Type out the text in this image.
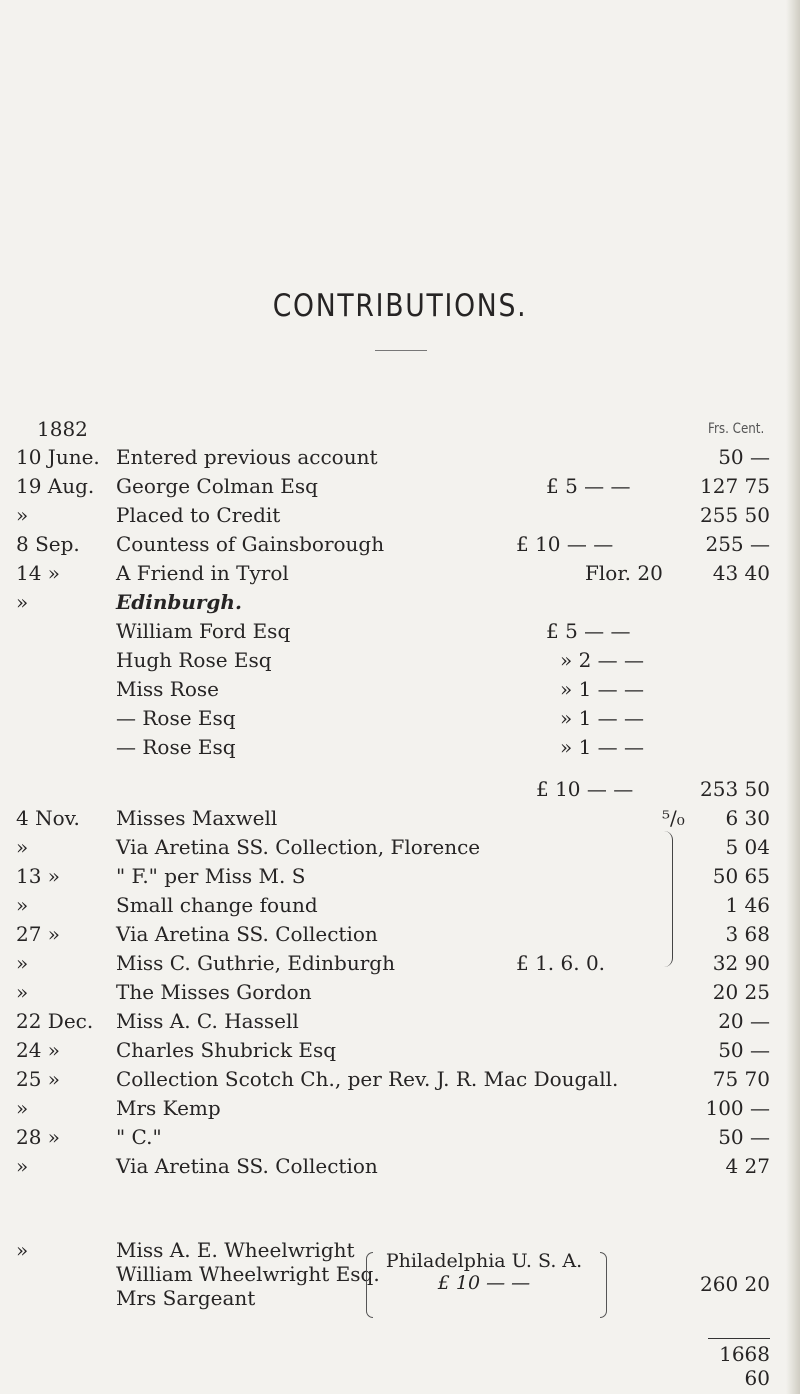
CONTRIBUTIONS.
1882	Frs. Cent.
10 June. Entered previous account	50 —
19 Aug. George Colman Esq	£ 5 — —	127 75
»	Placed to Credit	255 50
8 Sep.	Countess of Gainsborough	£ 10 — —	255 —
14 »	A Friend in Tyrol	Flor. 20	43 40
»	Edinburgh.
William Ford Esq	£ 5 — —
Hugh Rose Esq	» 2 — —
Miss Rose	» 1 — —
— Rose Esq	» 1 — —
— Rose Esq	» 1 — —
£ 10 — —	253 50
4 Nov.	Misses Maxwell	⁵/₀	6 30
»	Via Aretina SS. Collection, Florence	5 04
13 »	" F." per Miss M. S	50 65
»	Small change found	1 46
27 »	Via Aretina SS. Collection	3 68
»	Miss C. Guthrie, Edinburgh	£ 1. 6. 0.	32 90
»	The Misses Gordon	20 25
22 Dec. Miss A. C. Hassell	20 —
24 »	Charles Shubrick Esq	50 —
25 »	Collection Scotch Ch., per Rev. J. R. Mac Dougall.	75 70
»	Mrs Kemp	100 —
28 »	" C."	50 —
»	Via Aretina SS. Collection	4 27
»	Miss A. E. Wheelwright
William Wheelwright Esq.
Mrs Sargeant
Philadelphia U. S. A.
£ 10 — —	260 20
1668 60
